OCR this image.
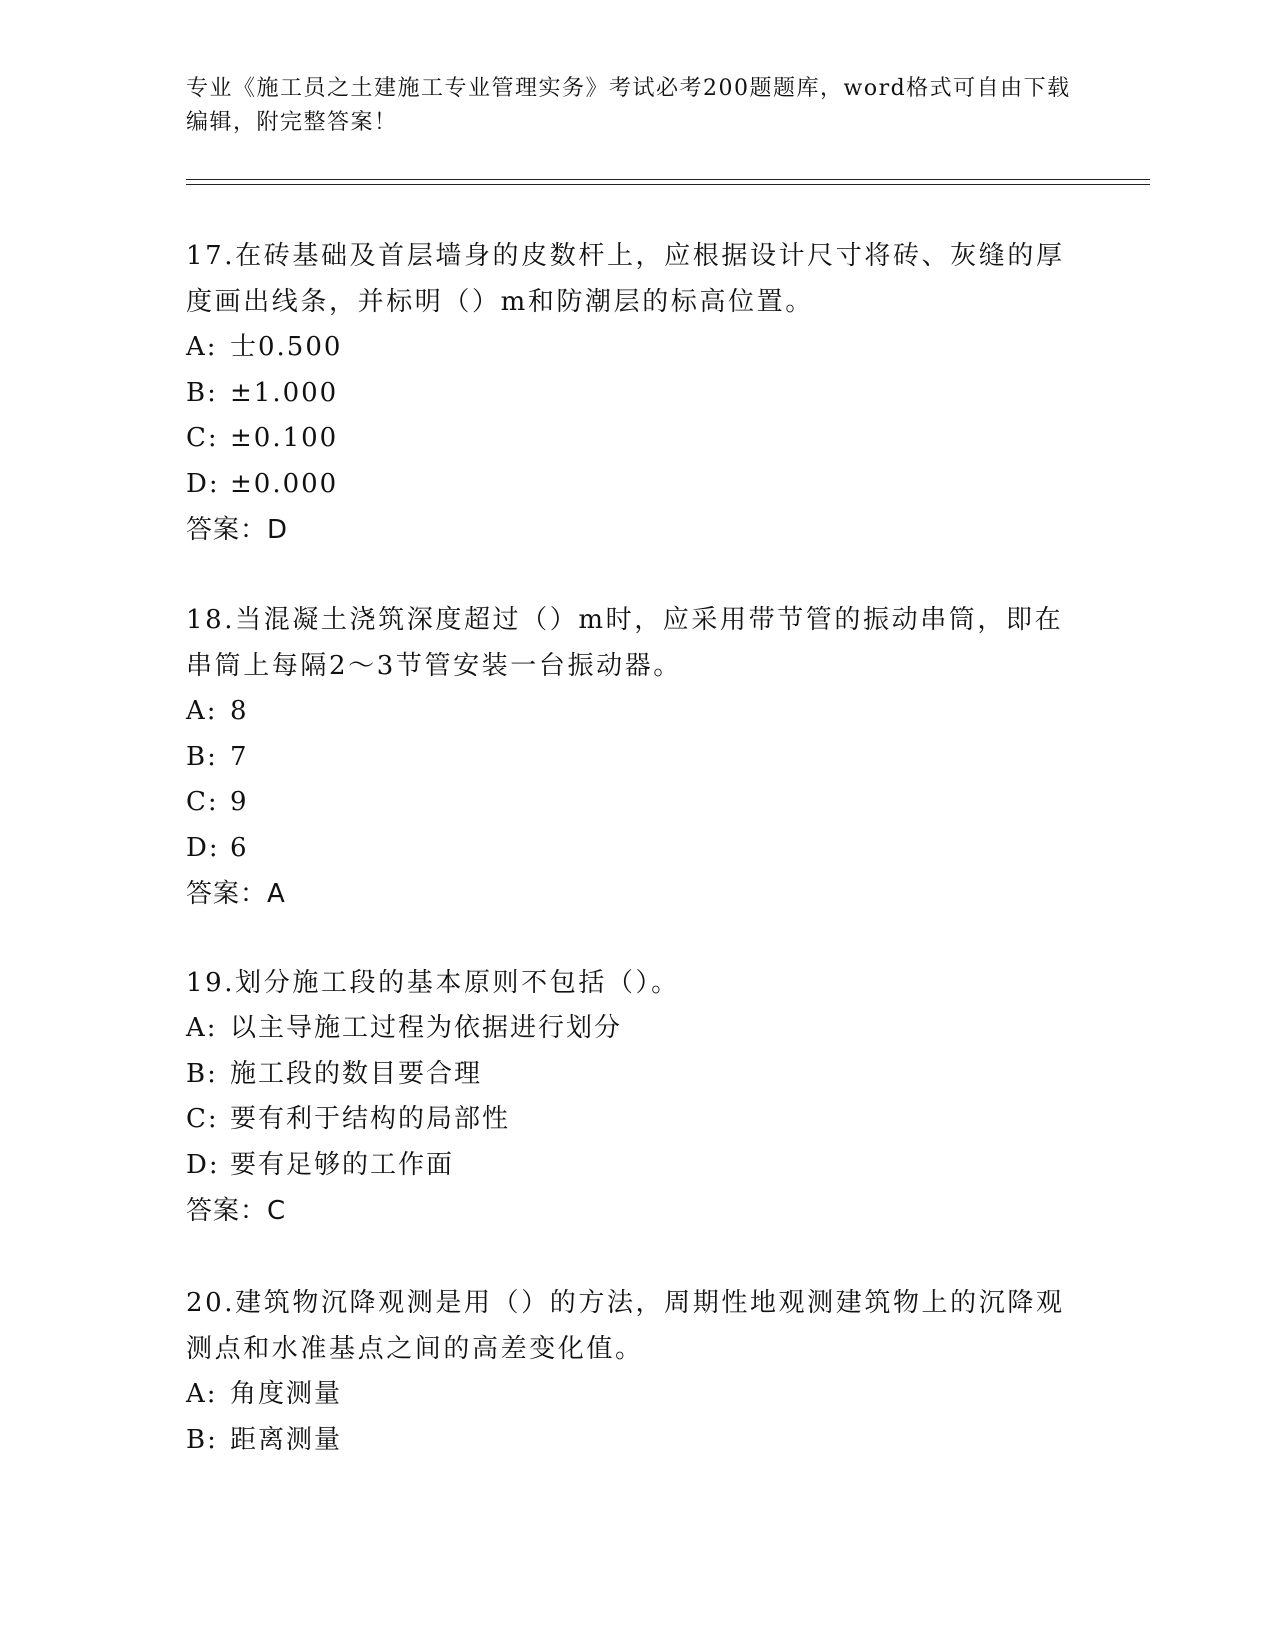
专业《施工员之土建施工专业管理实务》考试必考200题题库，word格式可自由下载编辑，附完整答案！
17.在砖基础及首层墙身的皮数杆上，应根据设计尺寸将砖、灰缝的厚度画出线条，并标明（）m和防潮层的标高位置。
A: 士0.500
B: ±1.000
C: ±0.100
D: ±0.000
答案：D
18.当混凝土浇筑深度超过（）m时，应采用带节管的振动串筒，即在串筒上每隔2～3节管安装一台振动器。
A: 8
B: 7
C: 9
D: 6
答案：A
19.划分施工段的基本原则不包括（）。
A: 以主导施工过程为依据进行划分
B: 施工段的数目要合理
C: 要有利于结构的局部性
D: 要有足够的工作面
答案：C
20.建筑物沉降观测是用（）的方法，周期性地观测建筑物上的沉降观测点和水准基点之间的高差变化值。
A: 角度测量
B: 距离测量
